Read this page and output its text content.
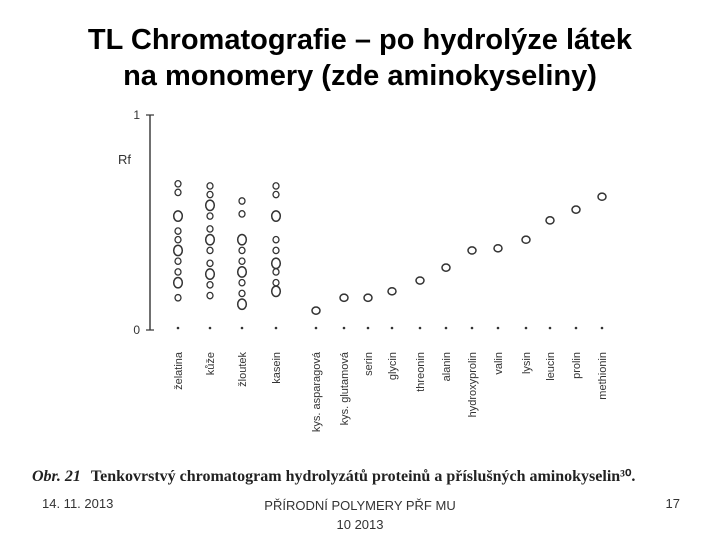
TL Chromatografie – po hydrolýze látek
na monomery (zde aminokyseliny)
1
0
Rf
želatina kůže žloutek kasein	kys. asparagová kys. glutamová serin glycin threonin alanin hydroxyprolin valin lysin leucin prolin methionin
Obr. 21 Tenkovrstvý chromatogram hydrolyzátů proteinů a příslušných aminokyselin³⁰.
14. 11. 2013	PŘÍRODNÍ POLYMERY PŘF MU
10 2013
17
